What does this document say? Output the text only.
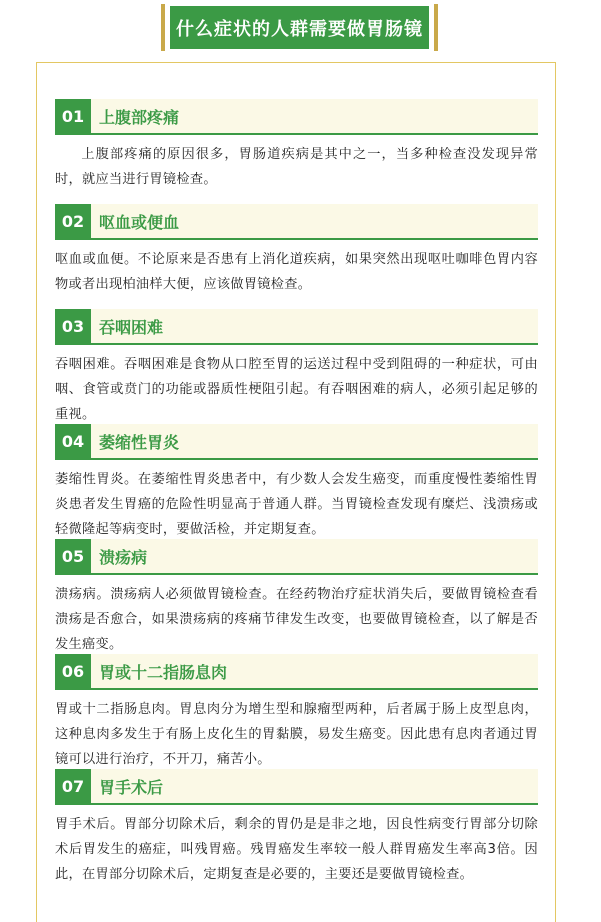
什么症状的人群需要做胃肠镜
01 上腹部疼痛
上腹部疼痛的原因很多，胃肠道疾病是其中之一，当多种检查没发现异常时，就应当进行胃镜检查。
02 呕血或便血
呕血或血便。不论原来是否患有上消化道疾病，如果突然出现呕吐咖啡色胃内容物或者出现柏油样大便，应该做胃镜检查。
03 吞咽困难
吞咽困难。吞咽困难是食物从口腔至胃的运送过程中受到阻碍的一种症状，可由咽、食管或贲门的功能或器质性梗阻引起。有吞咽困难的病人，必须引起足够的重视。
04 萎缩性胃炎
萎缩性胃炎。在萎缩性胃炎患者中，有少数人会发生癌变，而重度慢性萎缩性胃炎患者发生胃癌的危险性明显高于普通人群。当胃镜检查发现有糜烂、浅溃疡或轻微隆起等病变时，要做活检，并定期复查。
05 溃疡病
溃疡病。溃疡病人必须做胃镜检查。在经药物治疗症状消失后，要做胃镜检查看溃疡是否愈合，如果溃疡病的疼痛节律发生改变，也要做胃镜检查，以了解是否发生癌变。
06 胃或十二指肠息肉
胃或十二指肠息肉。胃息肉分为增生型和腺瘤型两种，后者属于肠上皮型息肉，这种息肉多发生于有肠上皮化生的胃黏膜，易发生癌变。因此患有息肉者通过胃镜可以进行治疗，不开刀，痛苦小。
07 胃手术后
胃手术后。胃部分切除术后，剩余的胃仍是是非之地，因良性病变行胃部分切除术后胃发生的癌症，叫残胃癌。残胃癌发生率较一般人群胃癌发生率高3倍。因此，在胃部分切除术后，定期复查是必要的，主要还是要做胃镜检查。
